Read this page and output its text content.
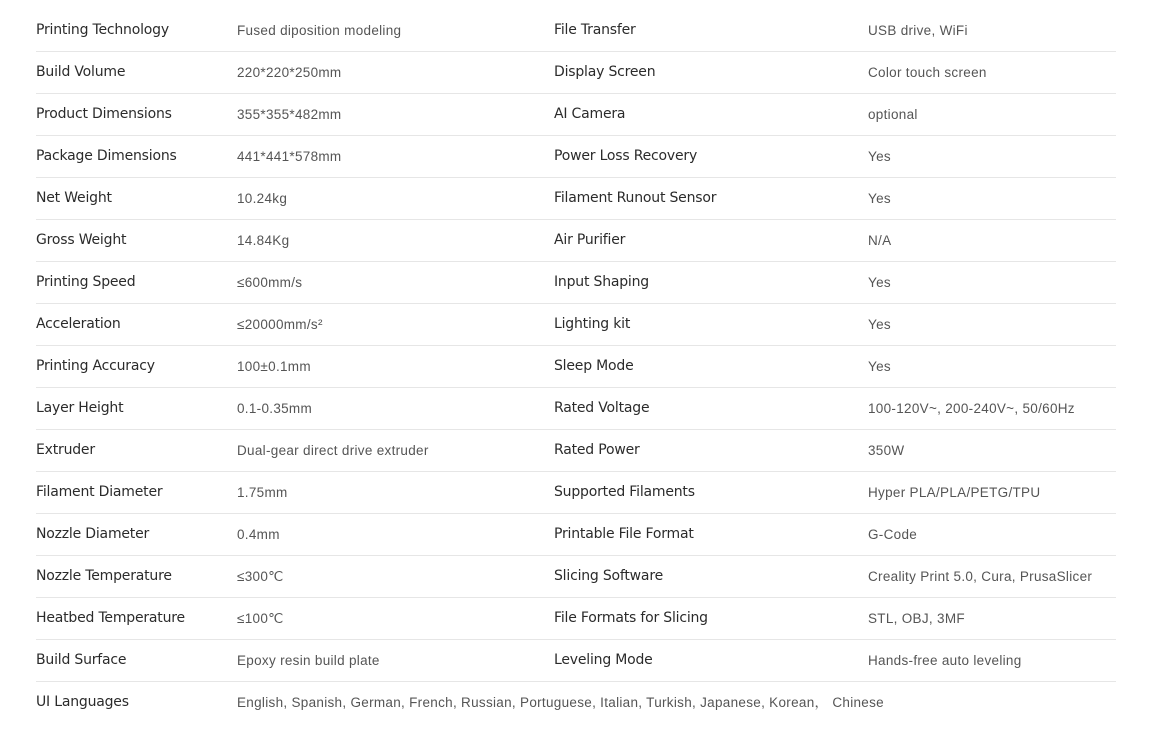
Printing Technology	Fused diposition modeling	File Transfer	USB drive, WiFi
Build Volume	220*220*250mm	Display Screen	Color touch screen
Product Dimensions	355*355*482mm	AI Camera	optional
Package Dimensions	441*441*578mm	Power Loss Recovery	Yes
Net Weight	10.24kg	Filament Runout Sensor	Yes
Gross Weight	14.84Kg	Air Purifier	N/A
Printing Speed	≤600mm/s	Input Shaping	Yes
Acceleration	≤20000mm/s²	Lighting kit	Yes
Printing Accuracy	100±0.1mm	Sleep Mode	Yes
Layer Height	0.1-0.35mm	Rated Voltage	100-120V~, 200-240V~, 50/60Hz
Extruder	Dual-gear direct drive extruder	Rated Power	350W
Filament Diameter	1.75mm	Supported Filaments	Hyper PLA/PLA/PETG/TPU
Nozzle Diameter	0.4mm	Printable File Format	G-Code
Nozzle Temperature	≤300℃	Slicing Software	Creality Print 5.0, Cura, PrusaSlicer
Heatbed Temperature	≤100℃	File Formats for Slicing	STL, OBJ, 3MF
Build Surface	Epoxy resin build plate	Leveling Mode	Hands-free auto leveling
UI Languages	English, Spanish, German, French, Russian, Portuguese, Italian, Turkish, Japanese, Korean， Chinese
